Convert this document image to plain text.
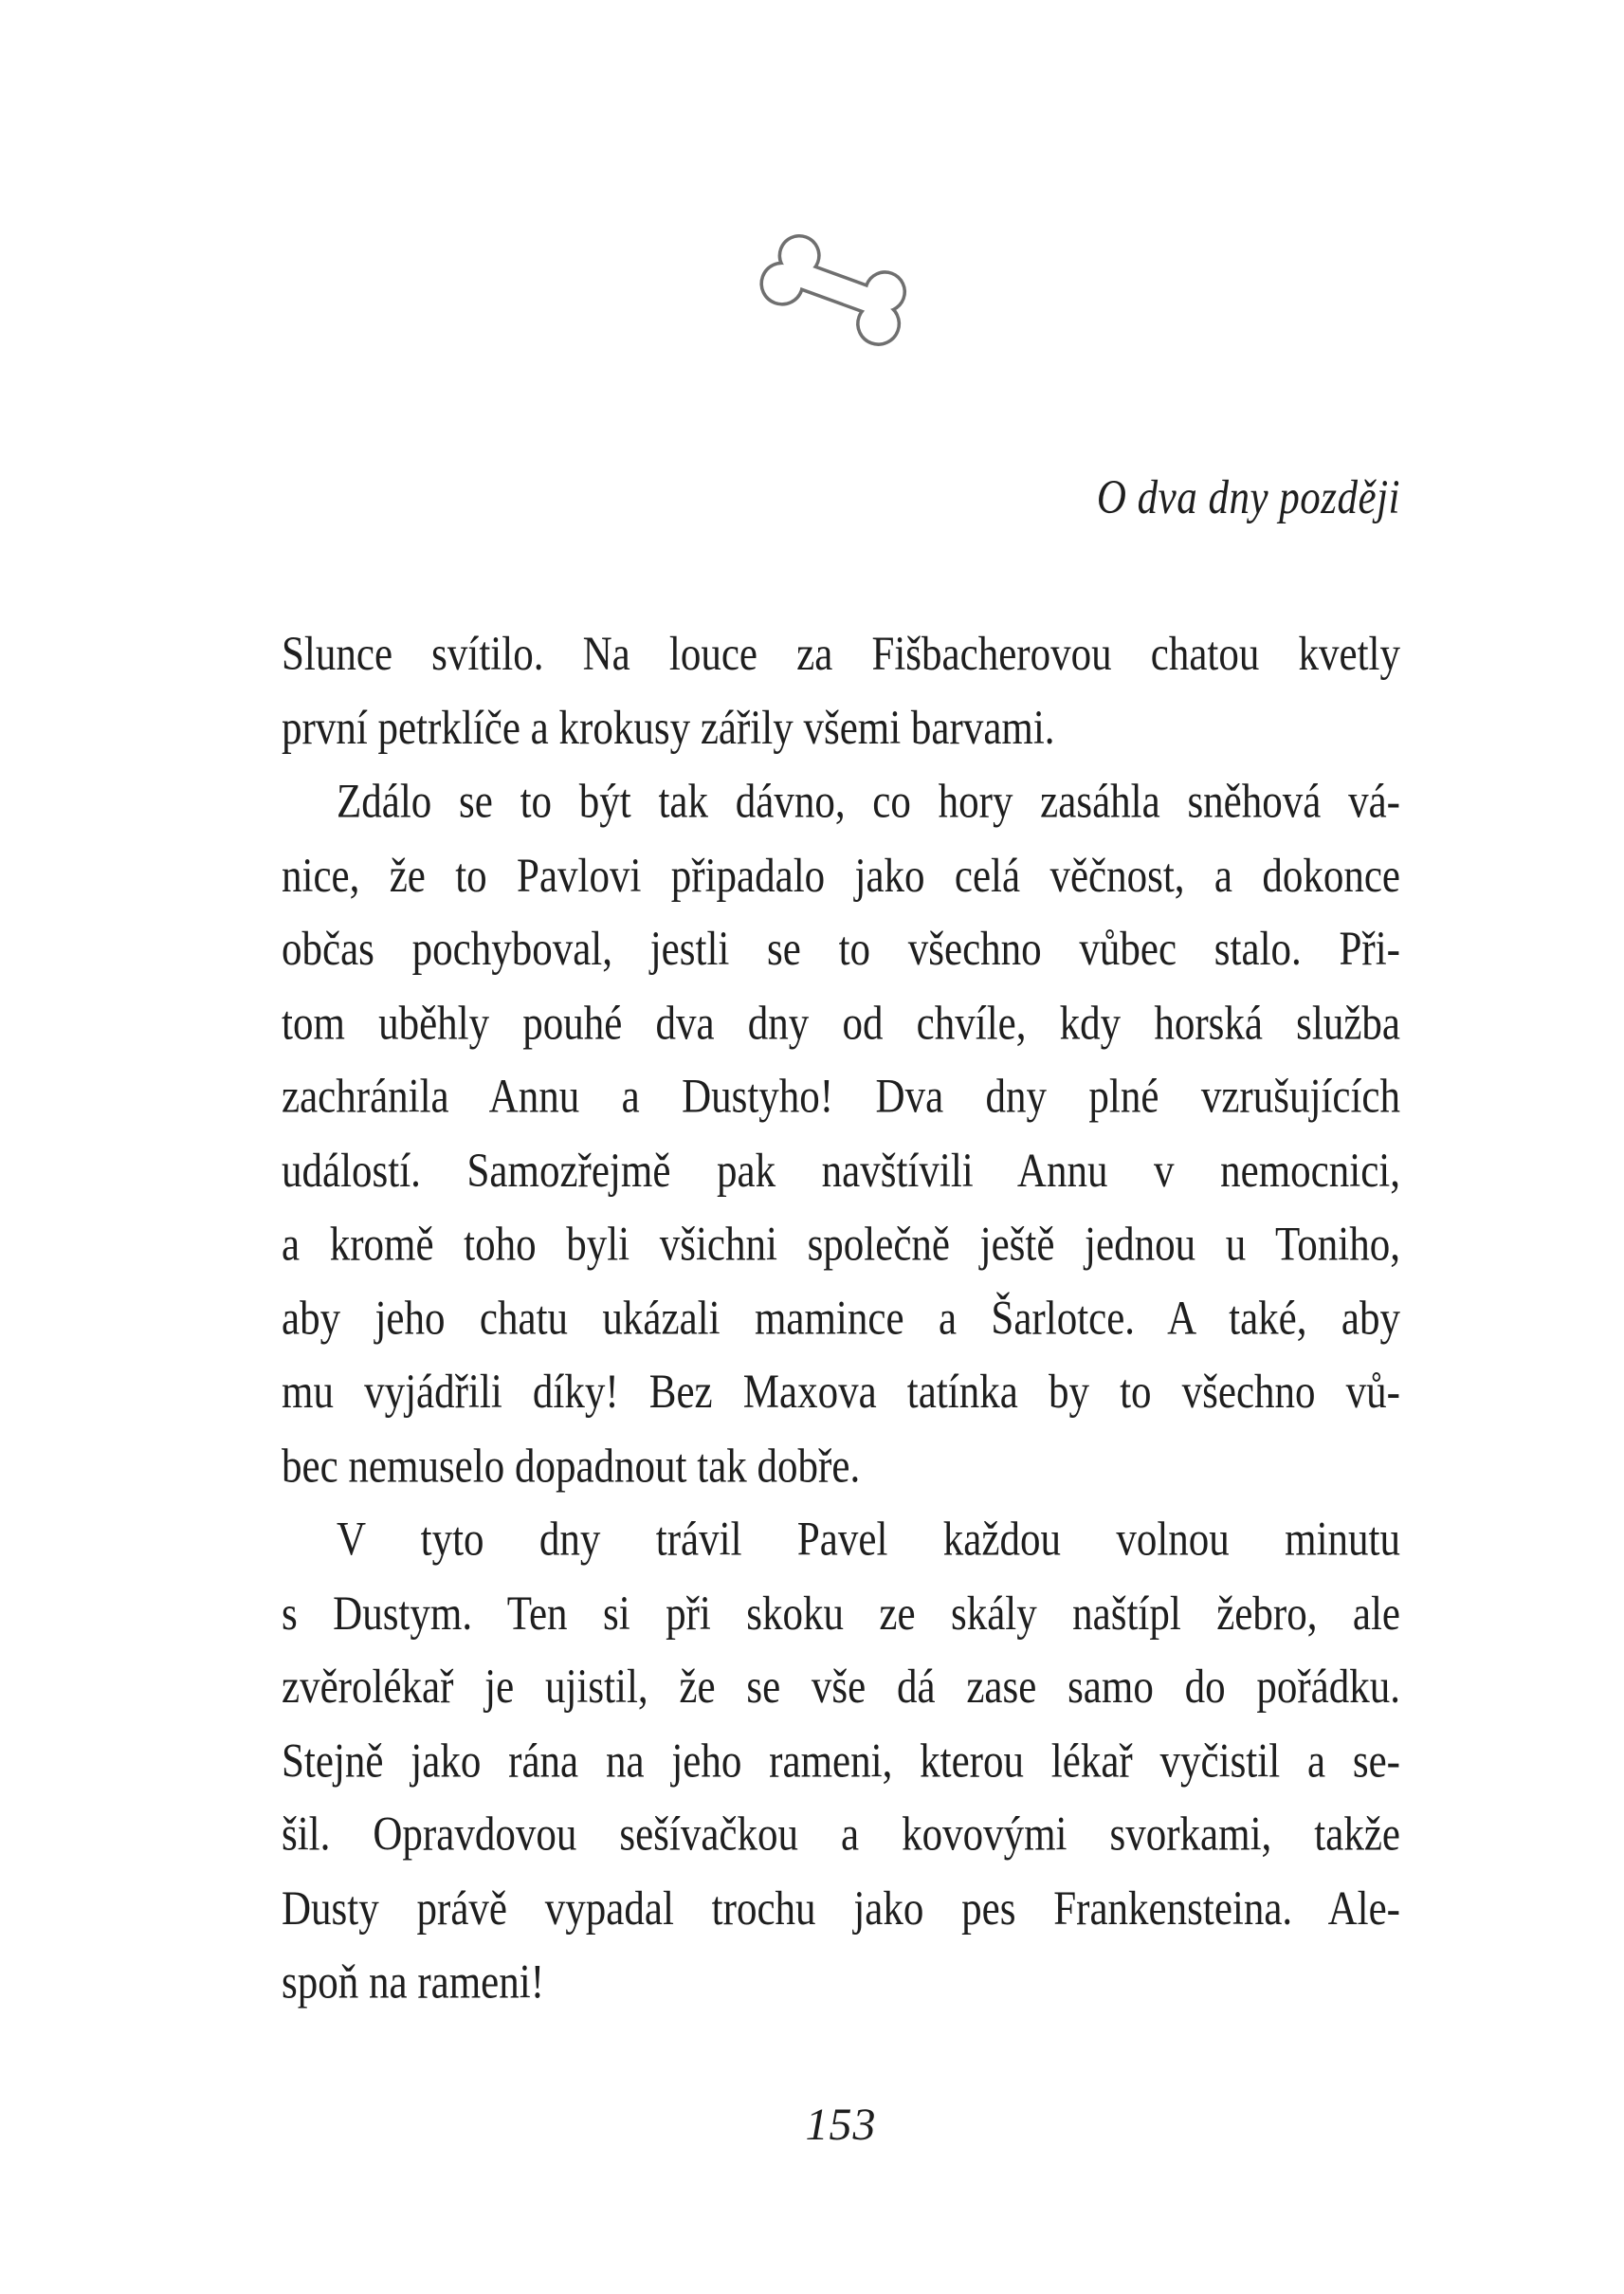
O dva dny později
Slunce svítilo. Na louce za Fišbacherovou chatou kvetly
první petrklíče a krokusy zářily všemi barvami.
Zdálo se to být tak dávno, co hory zasáhla sněhová vá-
nice, že to Pavlovi připadalo jako celá věčnost, a dokonce
občas pochyboval, jestli se to všechno vůbec stalo. Při-
tom uběhly pouhé dva dny od chvíle, kdy horská služba
zachránila Annu a Dustyho! Dva dny plné vzrušujících
událostí. Samozřejmě pak navštívili Annu v nemocnici,
a kromě toho byli všichni společně ještě jednou u Toniho,
aby jeho chatu ukázali mamince a Šarlotce. A také, aby
mu vyjádřili díky! Bez Maxova tatínka by to všechno vů-
bec nemuselo dopadnout tak dobře.
V tyto dny trávil Pavel každou volnou minutu
s Dustym. Ten si při skoku ze skály naštípl žebro, ale
zvěrolékař je ujistil, že se vše dá zase samo do pořádku.
Stejně jako rána na jeho rameni, kterou lékař vyčistil a se-
šil. Opravdovou sešívačkou a kovovými svorkami, takže
Dusty právě vypadal trochu jako pes Frankensteina. Ale-
spoň na rameni!
153
